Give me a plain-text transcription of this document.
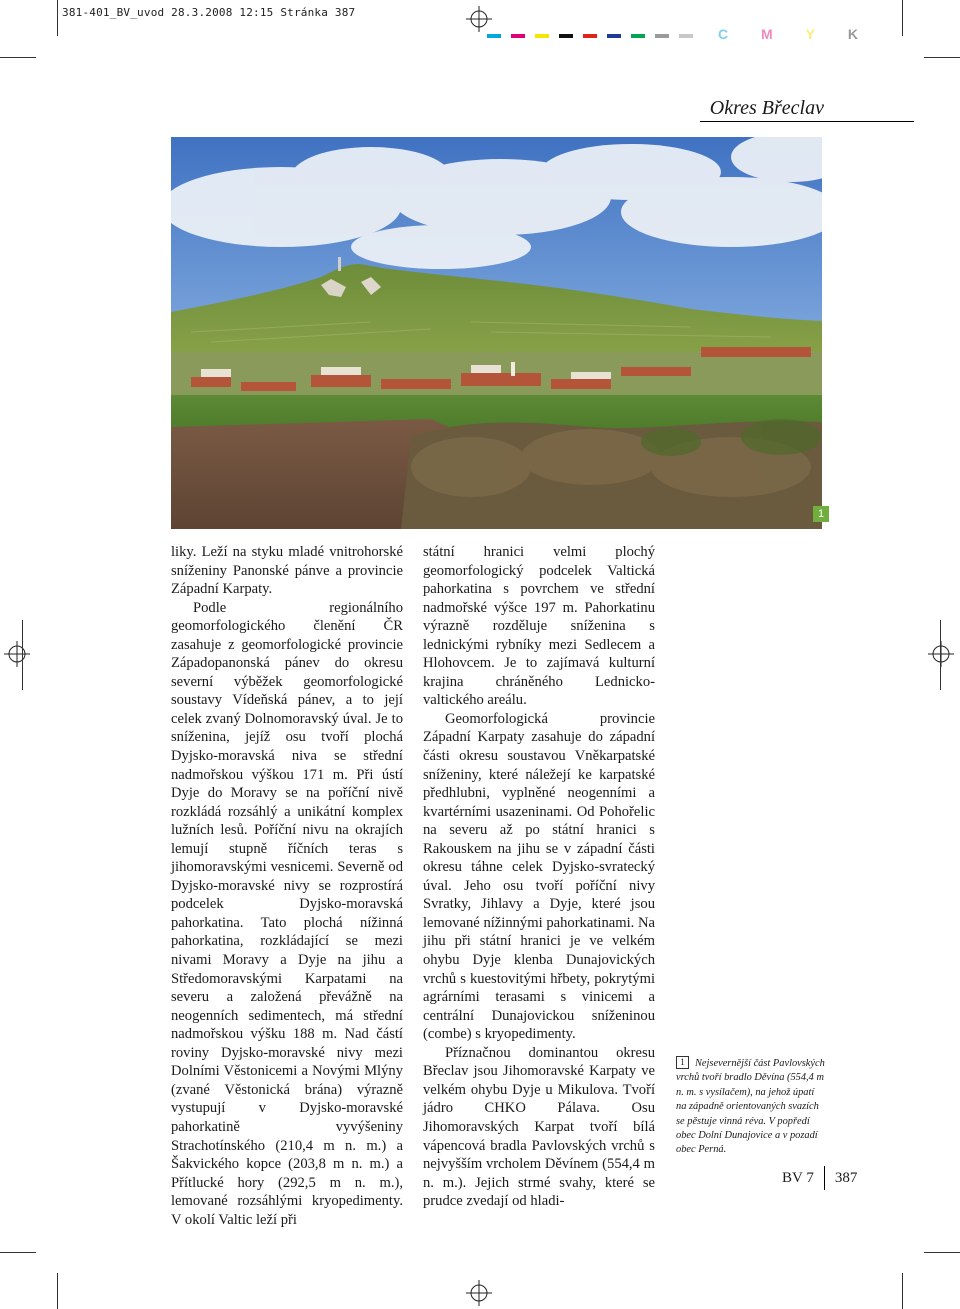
381-401_BV_uvod 28.3.2008 12:15 Stránka 387
C M Y K
Okres Břeclav
1

liky. Leží na styku mladé vnitrohorské sníženiny Panonské pánve a provincie Západní Karpaty.

Podle regionálního geomorfologického členění ČR zasahuje z geomorfologické provincie Západopanonská pánev do okresu severní výběžek geomorfologické soustavy Vídeňská pánev, a to její celek zvaný Dolnomoravský úval. Je to sníženina, jejíž osu tvoří plochá Dyjsko-moravská niva se střední nadmořskou výškou 171 m. Při ústí Dyje do Moravy se na poříční nivě rozkládá rozsáhlý a unikátní komplex lužních lesů. Poříční nivu na okrajích lemují stupně říčních teras s jihomoravskými vesnicemi. Severně od Dyjsko-moravské nivy se rozprostírá podcelek Dyjsko-moravská pahorkatina. Tato plochá nížinná pahorkatina, rozkládající se mezi nivami Moravy a Dyje na jihu a Středomoravskými Karpatami na severu a založená převážně na neogenních sedimentech, má střední nadmořskou výšku 188 m. Nad částí roviny Dyjsko-moravské nivy mezi Dolními Věstonicemi a Novými Mlýny (zvané Věstonická brána) výrazně vystupují v Dyjsko-moravské pahorkatině vyvýšeniny Strachotínského (210,4 m n. m.) a Šakvického kopce (203,8 m n. m.) a Přítlucké hory (292,5 m n. m.), lemované rozsáhlými kryopedimenty. V okolí Valtic leží při

státní hranici velmi plochý geomorfologický podcelek Valtická pahorkatina s povrchem ve střední nadmořské výšce 197 m. Pahorkatinu výrazně rozděluje sníženina s lednickými rybníky mezi Sedlecem a Hlohovcem. Je to zajímavá kulturní krajina chráněného Lednicko-valtického areálu.

Geomorfologická provincie Západní Karpaty zasahuje do západní části okresu soustavou Vněkarpatské sníženiny, které náležejí ke karpatské předhlubni, vyplněné neogenními a kvartérními usazeninami. Od Pohořelic na severu až po státní hranici s Rakouskem na jihu se v západní části okresu táhne celek Dyjsko-svratecký úval. Jeho osu tvoří poříční nivy Svratky, Jihlavy a Dyje, které jsou lemované nížinnými pahorkatinami. Na jihu při státní hranici je ve velkém ohybu Dyje klenba Dunajovických vrchů s kuestovitými hřbety, pokrytými agrárními terasami s vinicemi a centrální Dunajovickou sníženinou (combe) s kryopedimenty.

Příznačnou dominantou okresu Břeclav jsou Jihomoravské Karpaty ve velkém ohybu Dyje u Mikulova. Tvoří jádro CHKO Pálava. Osu Jihomoravských Karpat tvoří bílá vápencová bradla Pavlovských vrchů s nejvyšším vrcholem Děvínem (554,4 m n. m.). Jejich strmé svahy, které se prudce zvedají od hladi-

1 Nejsevernější část Pavlovských vrchů tvoří bradlo Děvína (554,4 m n. m. s vysílačem), na jehož úpatí na západně orientovaných svazích se pěstuje vinná réva. V popředí obec Dolní Dunajovice a v pozadí obec Perná.
BV 7 387
